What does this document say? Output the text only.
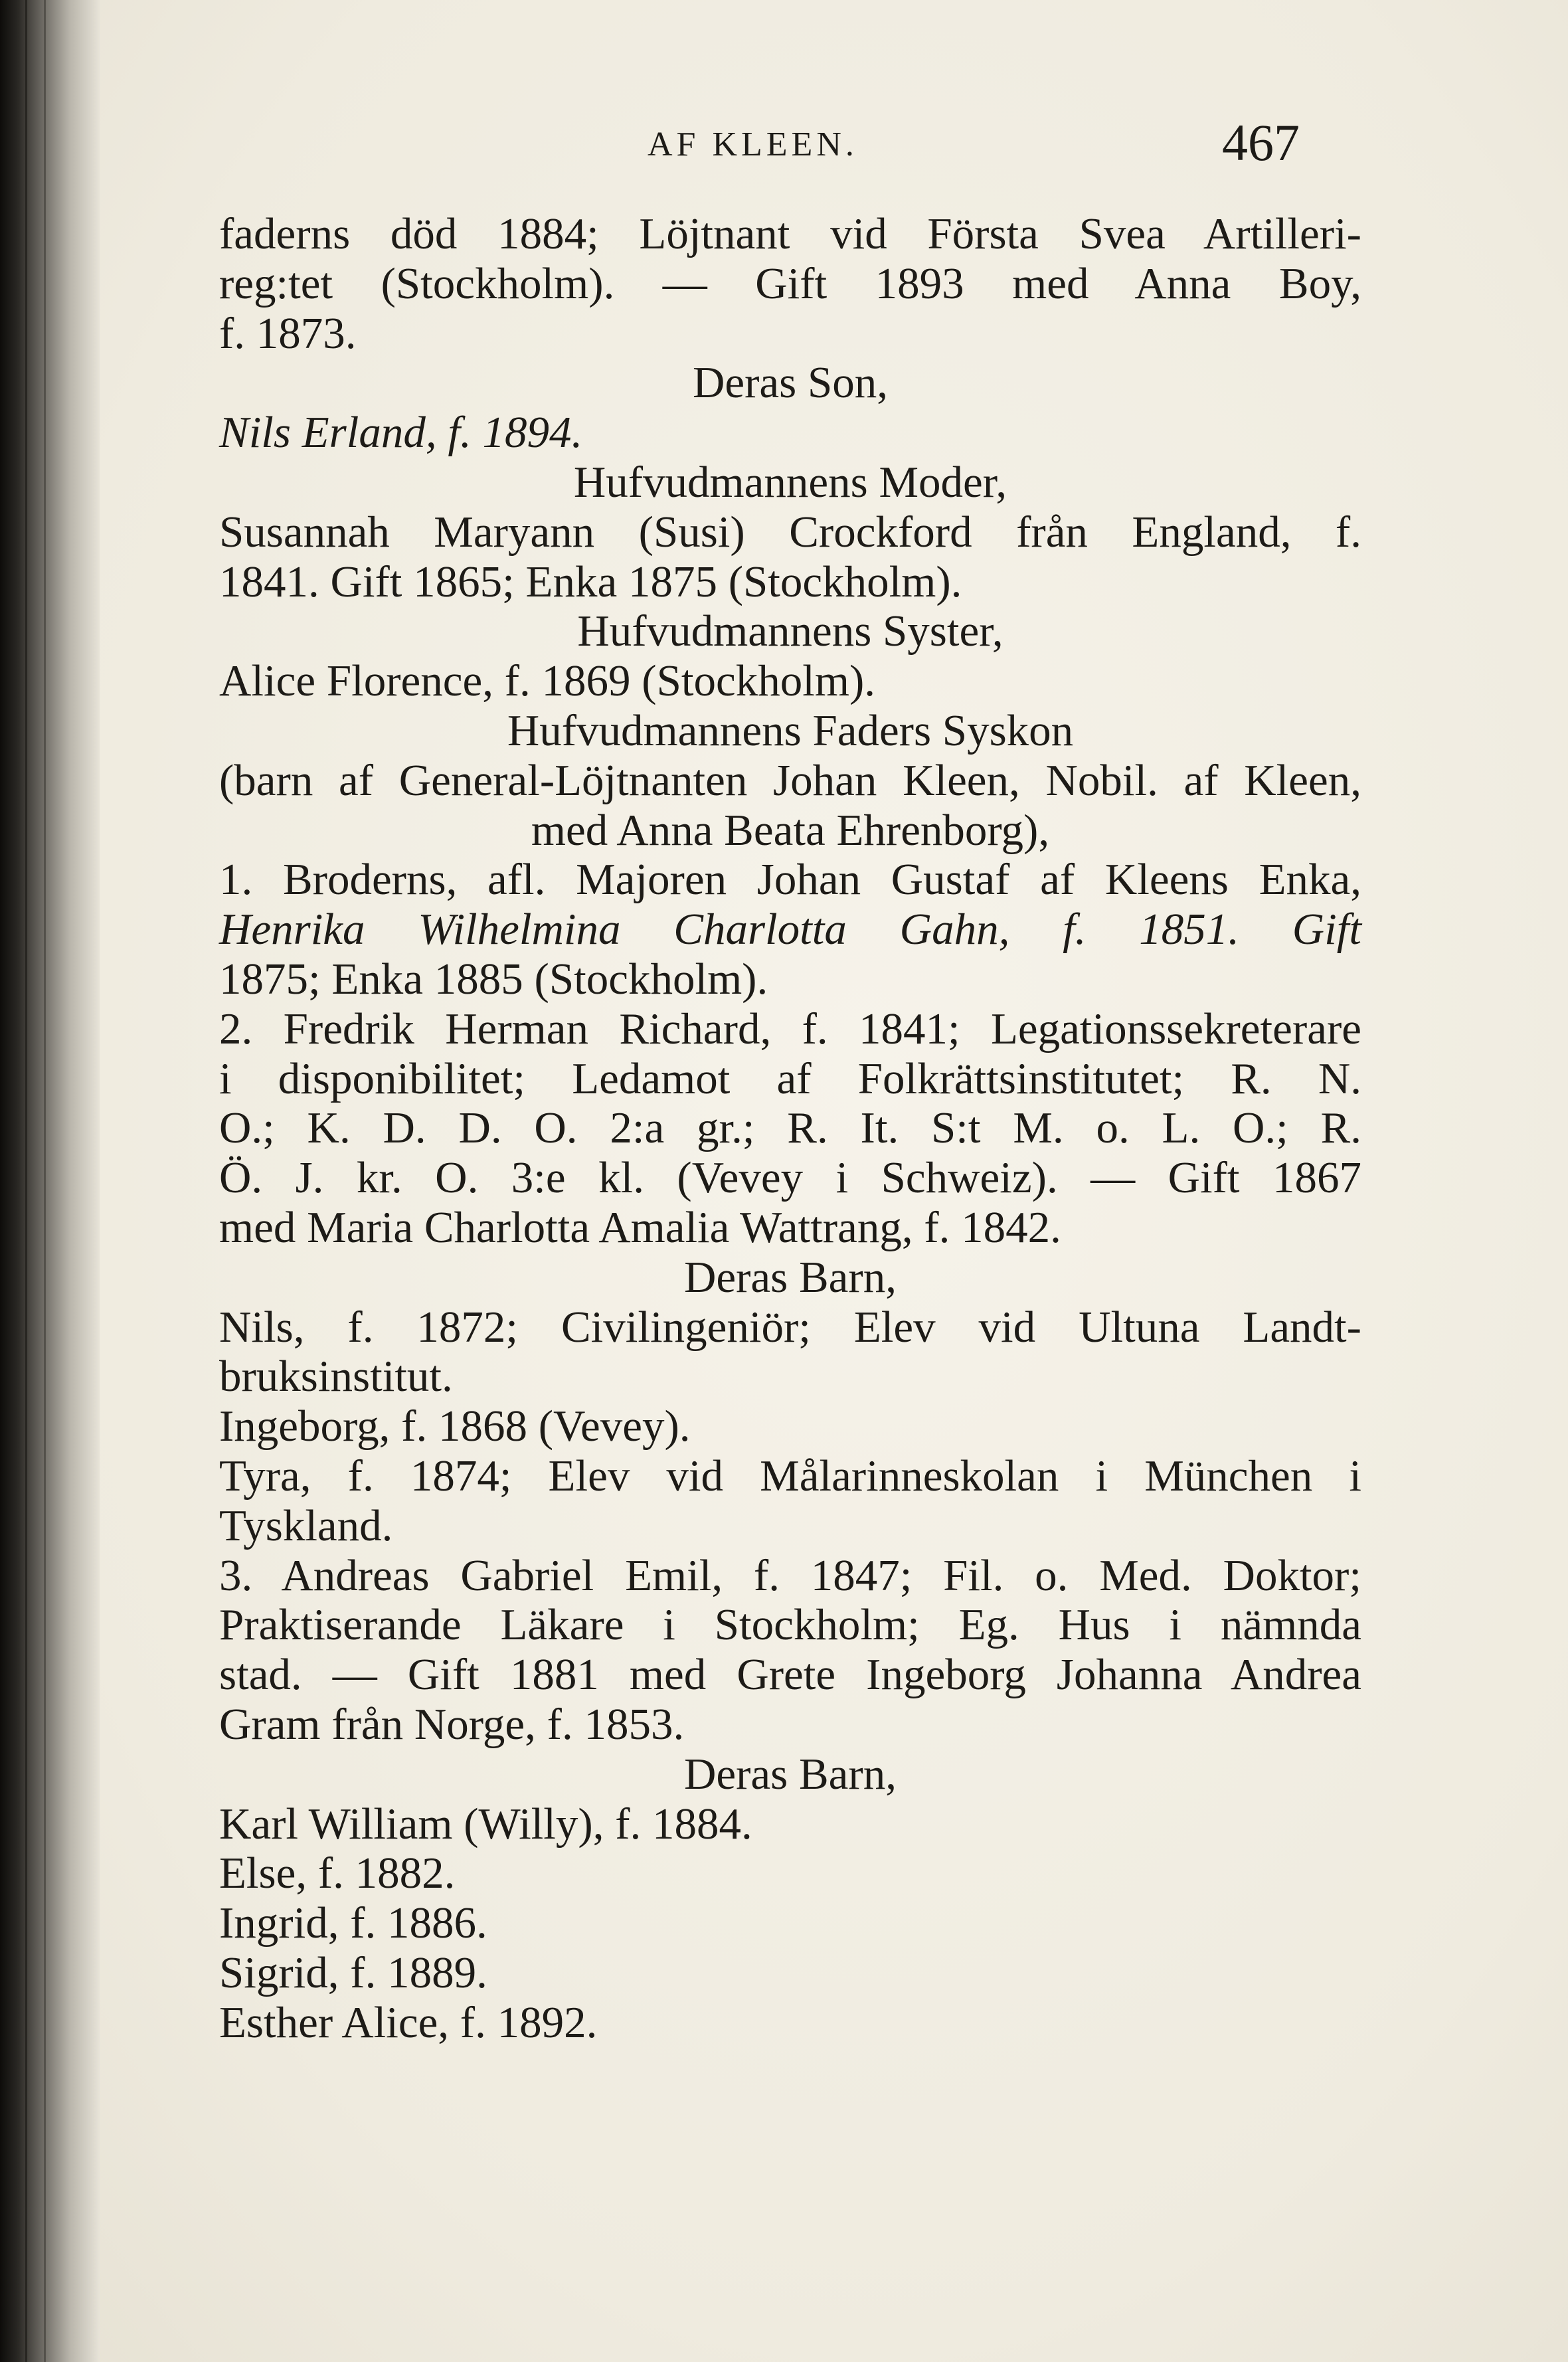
AF KLEEN.	467
faderns död 1884; Löjtnant vid Första Svea Artilleri-
reg:tet (Stockholm). — Gift 1893 med Anna Boy,
f. 1873.
Deras Son,
Nils Erland, f. 1894.
Hufvudmannens Moder,
Susannah Maryann (Susi) Crockford från England, f.
1841. Gift 1865; Enka 1875 (Stockholm).
Hufvudmannens Syster,
Alice Florence, f. 1869 (Stockholm).
Hufvudmannens Faders Syskon
(barn af General-Löjtnanten Johan Kleen, Nobil. af Kleen,
med Anna Beata Ehrenborg),
1. Broderns, afl. Majoren Johan Gustaf af Kleens Enka,
Henrika Wilhelmina Charlotta Gahn, f. 1851. Gift
1875; Enka 1885 (Stockholm).
2. Fredrik Herman Richard, f. 1841; Legationssekreterare
i disponibilitet; Ledamot af Folkrättsinstitutet; R. N.
O.; K. D. D. O. 2:a gr.; R. It. S:t M. o. L. O.; R.
Ö. J. kr. O. 3:e kl. (Vevey i Schweiz). — Gift 1867
med Maria Charlotta Amalia Wattrang, f. 1842.
Deras Barn,
Nils, f. 1872; Civilingeniör; Elev vid Ultuna Landt-
bruksinstitut.
Ingeborg, f. 1868 (Vevey).
Tyra, f. 1874; Elev vid Målarinneskolan i München i
Tyskland.
3. Andreas Gabriel Emil, f. 1847; Fil. o. Med. Doktor;
Praktiserande Läkare i Stockholm; Eg. Hus i nämnda
stad. — Gift 1881 med Grete Ingeborg Johanna Andrea
Gram från Norge, f. 1853.
Deras Barn,
Karl William (Willy), f. 1884.
Else, f. 1882.
Ingrid, f. 1886.
Sigrid, f. 1889.
Esther Alice, f. 1892.
